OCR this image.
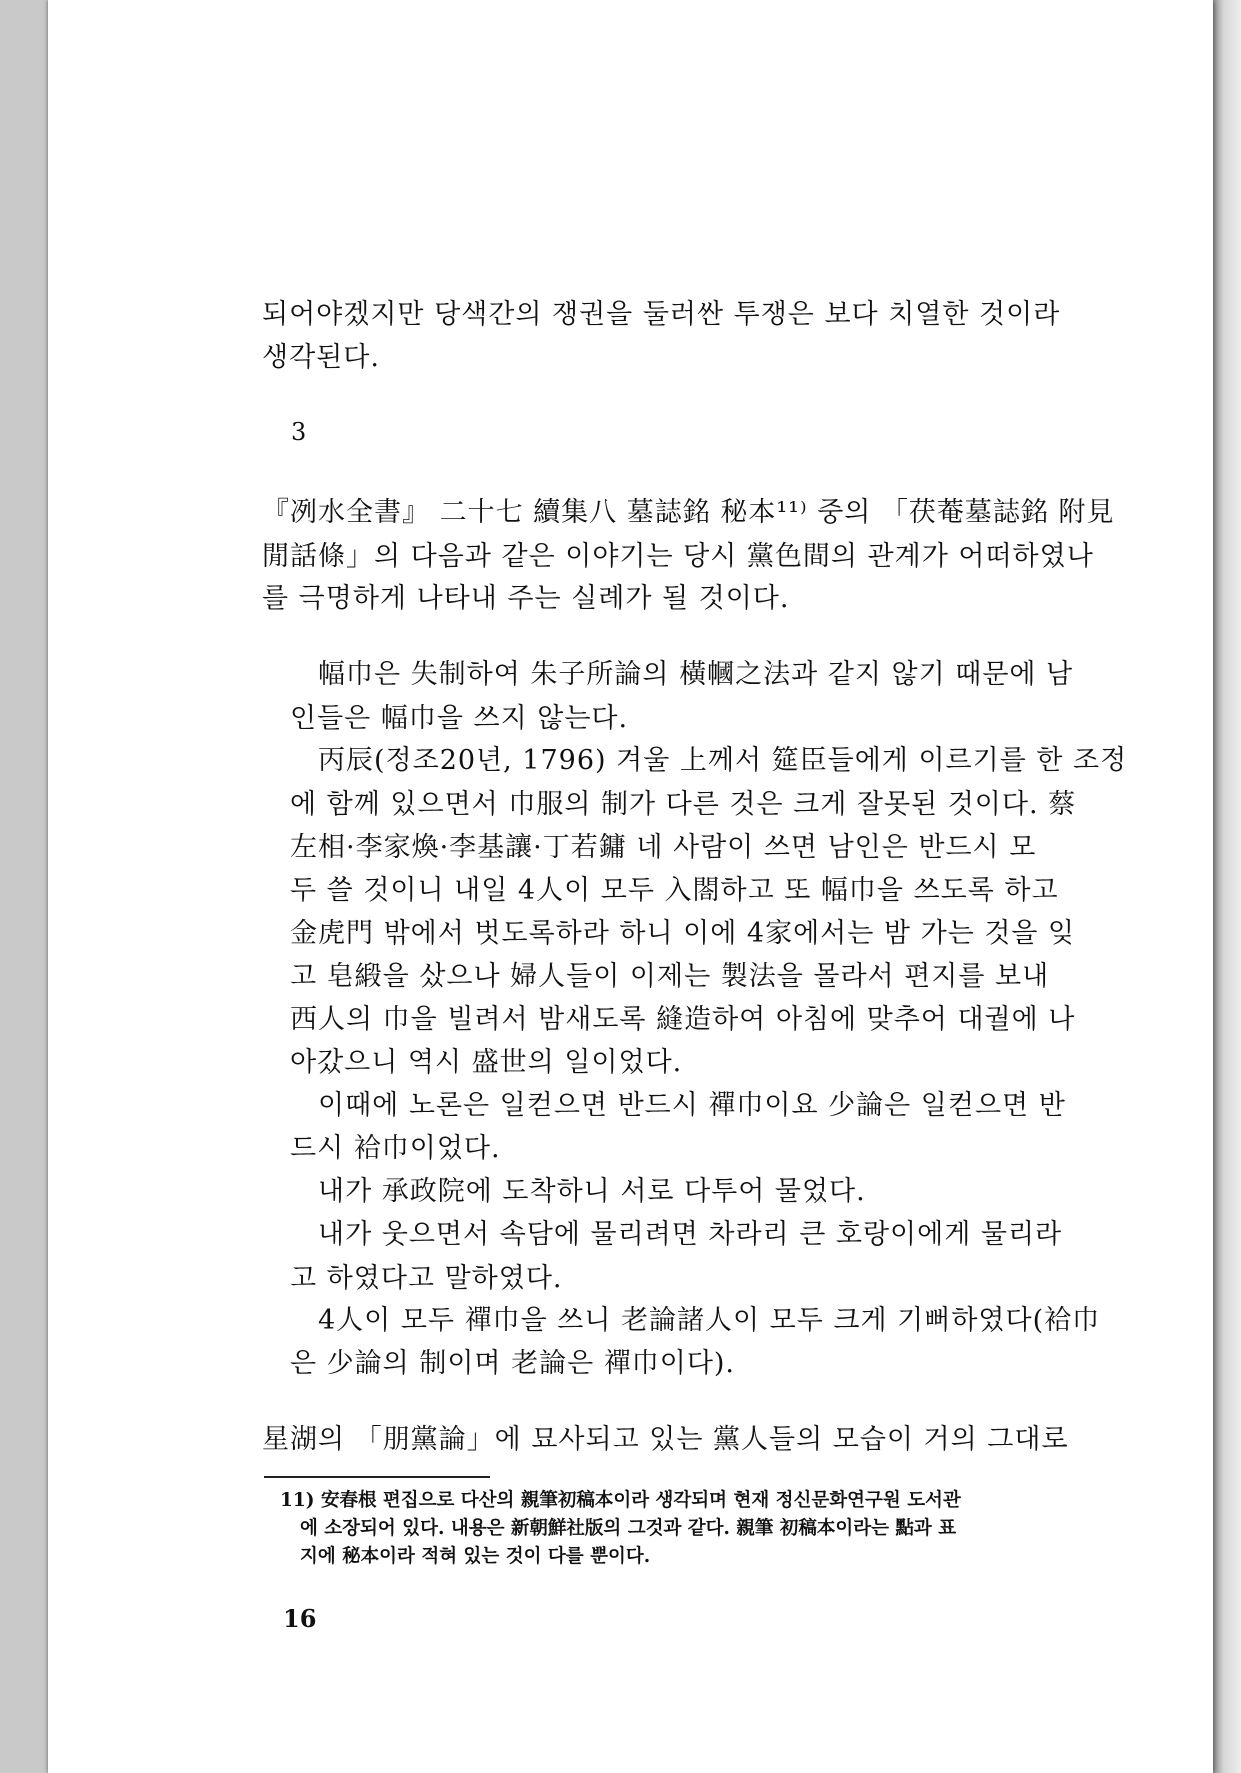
되어야겠지만 당색간의 쟁권을 둘러싼 투쟁은 보다 치열한 것이라
생각된다.
3
『冽水全書』 二十七 續集八 墓誌銘 秘本¹¹⁾ 중의 「茯菴墓誌銘 附見
閒話條」의 다음과 같은 이야기는 당시 黨色間의 관계가 어떠하였나
를 극명하게 나타내 주는 실례가 될 것이다.
幅巾은 失制하여 朱子所論의 橫幗之法과 같지 않기 때문에 남
인들은 幅巾을 쓰지 않는다.
丙辰(정조20년, 1796) 겨울 上께서 筵臣들에게 이르기를 한 조정
에 함께 있으면서 巾服의 制가 다른 것은 크게 잘못된 것이다. 蔡
左相·李家煥·李基讓·丁若鏞 네 사람이 쓰면 남인은 반드시 모
두 쓸 것이니 내일 4人이 모두 入閤하고 또 幅巾을 쓰도록 하고
金虎門 밖에서 벗도록하라 하니 이에 4家에서는 밤 가는 것을 잊
고 皂緞을 샀으나 婦人들이 이제는 製法을 몰라서 편지를 보내
西人의 巾을 빌려서 밤새도록 縫造하여 아침에 맞추어 대궐에 나
아갔으니 역시 盛世의 일이었다.
이때에 노론은 일컫으면 반드시 禪巾이요 少論은 일컫으면 반
드시 袷巾이었다.
내가 承政院에 도착하니 서로 다투어 물었다.
내가 웃으면서 속담에 물리려면 차라리 큰 호랑이에게 물리라
고 하였다고 말하였다.
4人이 모두 禪巾을 쓰니 老論諸人이 모두 크게 기뻐하였다(袷巾
은 少論의 制이며 老論은 禪巾이다).
星湖의 「朋黨論」에 묘사되고 있는 黨人들의 모습이 거의 그대로
11) 安春根 편집으로 다산의 親筆初稿本이라 생각되며 현재 정신문화연구원 도서관
에 소장되어 있다. 내용은 新朝鮮社版의 그것과 같다. 親筆 初稿本이라는 點과 표
지에 秘本이라 적혀 있는 것이 다를 뿐이다.
16
